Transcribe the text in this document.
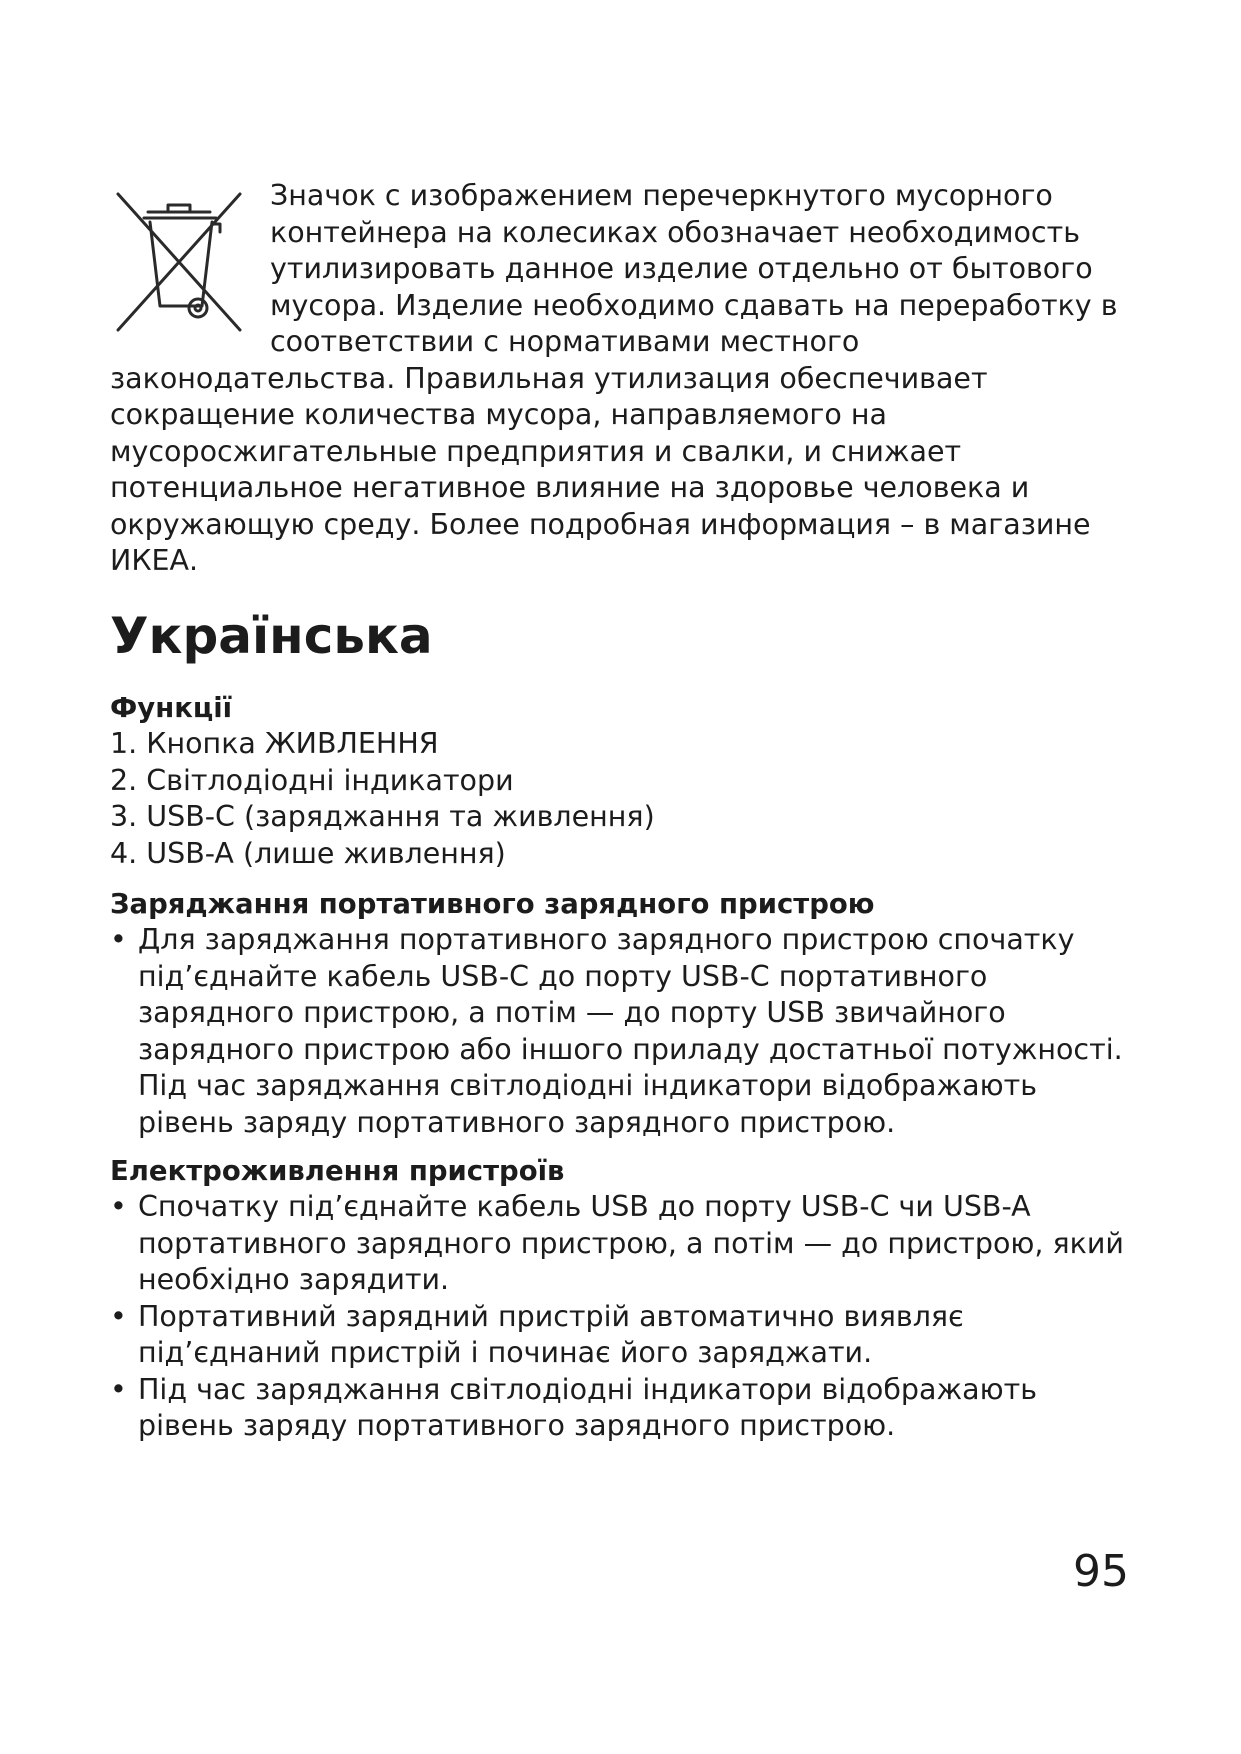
Значок с изображением перечеркнутого мусорного контейнера на колесиках обозначает необходимость утилизировать данное изделие отдельно от бытового мусора. Изделие необходимо сдавать на переработку в соответствии с нормативами местного законодательства. Правильная утилизация обеспечивает сокращение количества мусора, направляемого на мусоросжигательные предприятия и свалки, и снижает потенциальное негативное влияние на здоровье человека и окружающую среду. Более подробная информация – в магазине ИКЕА.

Українська
Функції
1. Кнопка ЖИВЛЕННЯ
2. Світлодіодні індикатори
3. USB-C (заряджання та живлення)
4. USB-A (лише живлення)
Заряджання портативного зарядного пристрою
• Для заряджання портативного зарядного пристрою спочатку під’єднайте кабель USB-C до порту USB-C портативного зарядного пристрою, а потім — до порту USB звичайного зарядного пристрою або іншого приладу достатньої потужності. Під час заряджання світлодіодні індикатори відображають рівень заряду портативного зарядного пристрою.
Електроживлення пристроїв
• Спочатку під’єднайте кабель USB до порту USB-C чи USB-A портативного зарядного пристрою, а потім — до пристрою, який необхідно зарядити.
• Портативний зарядний пристрій автоматично виявляє під’єднаний пристрій і починає його заряджати.
• Під час заряджання світлодіодні індикатори відображають рівень заряду портативного зарядного пристрою.
95
